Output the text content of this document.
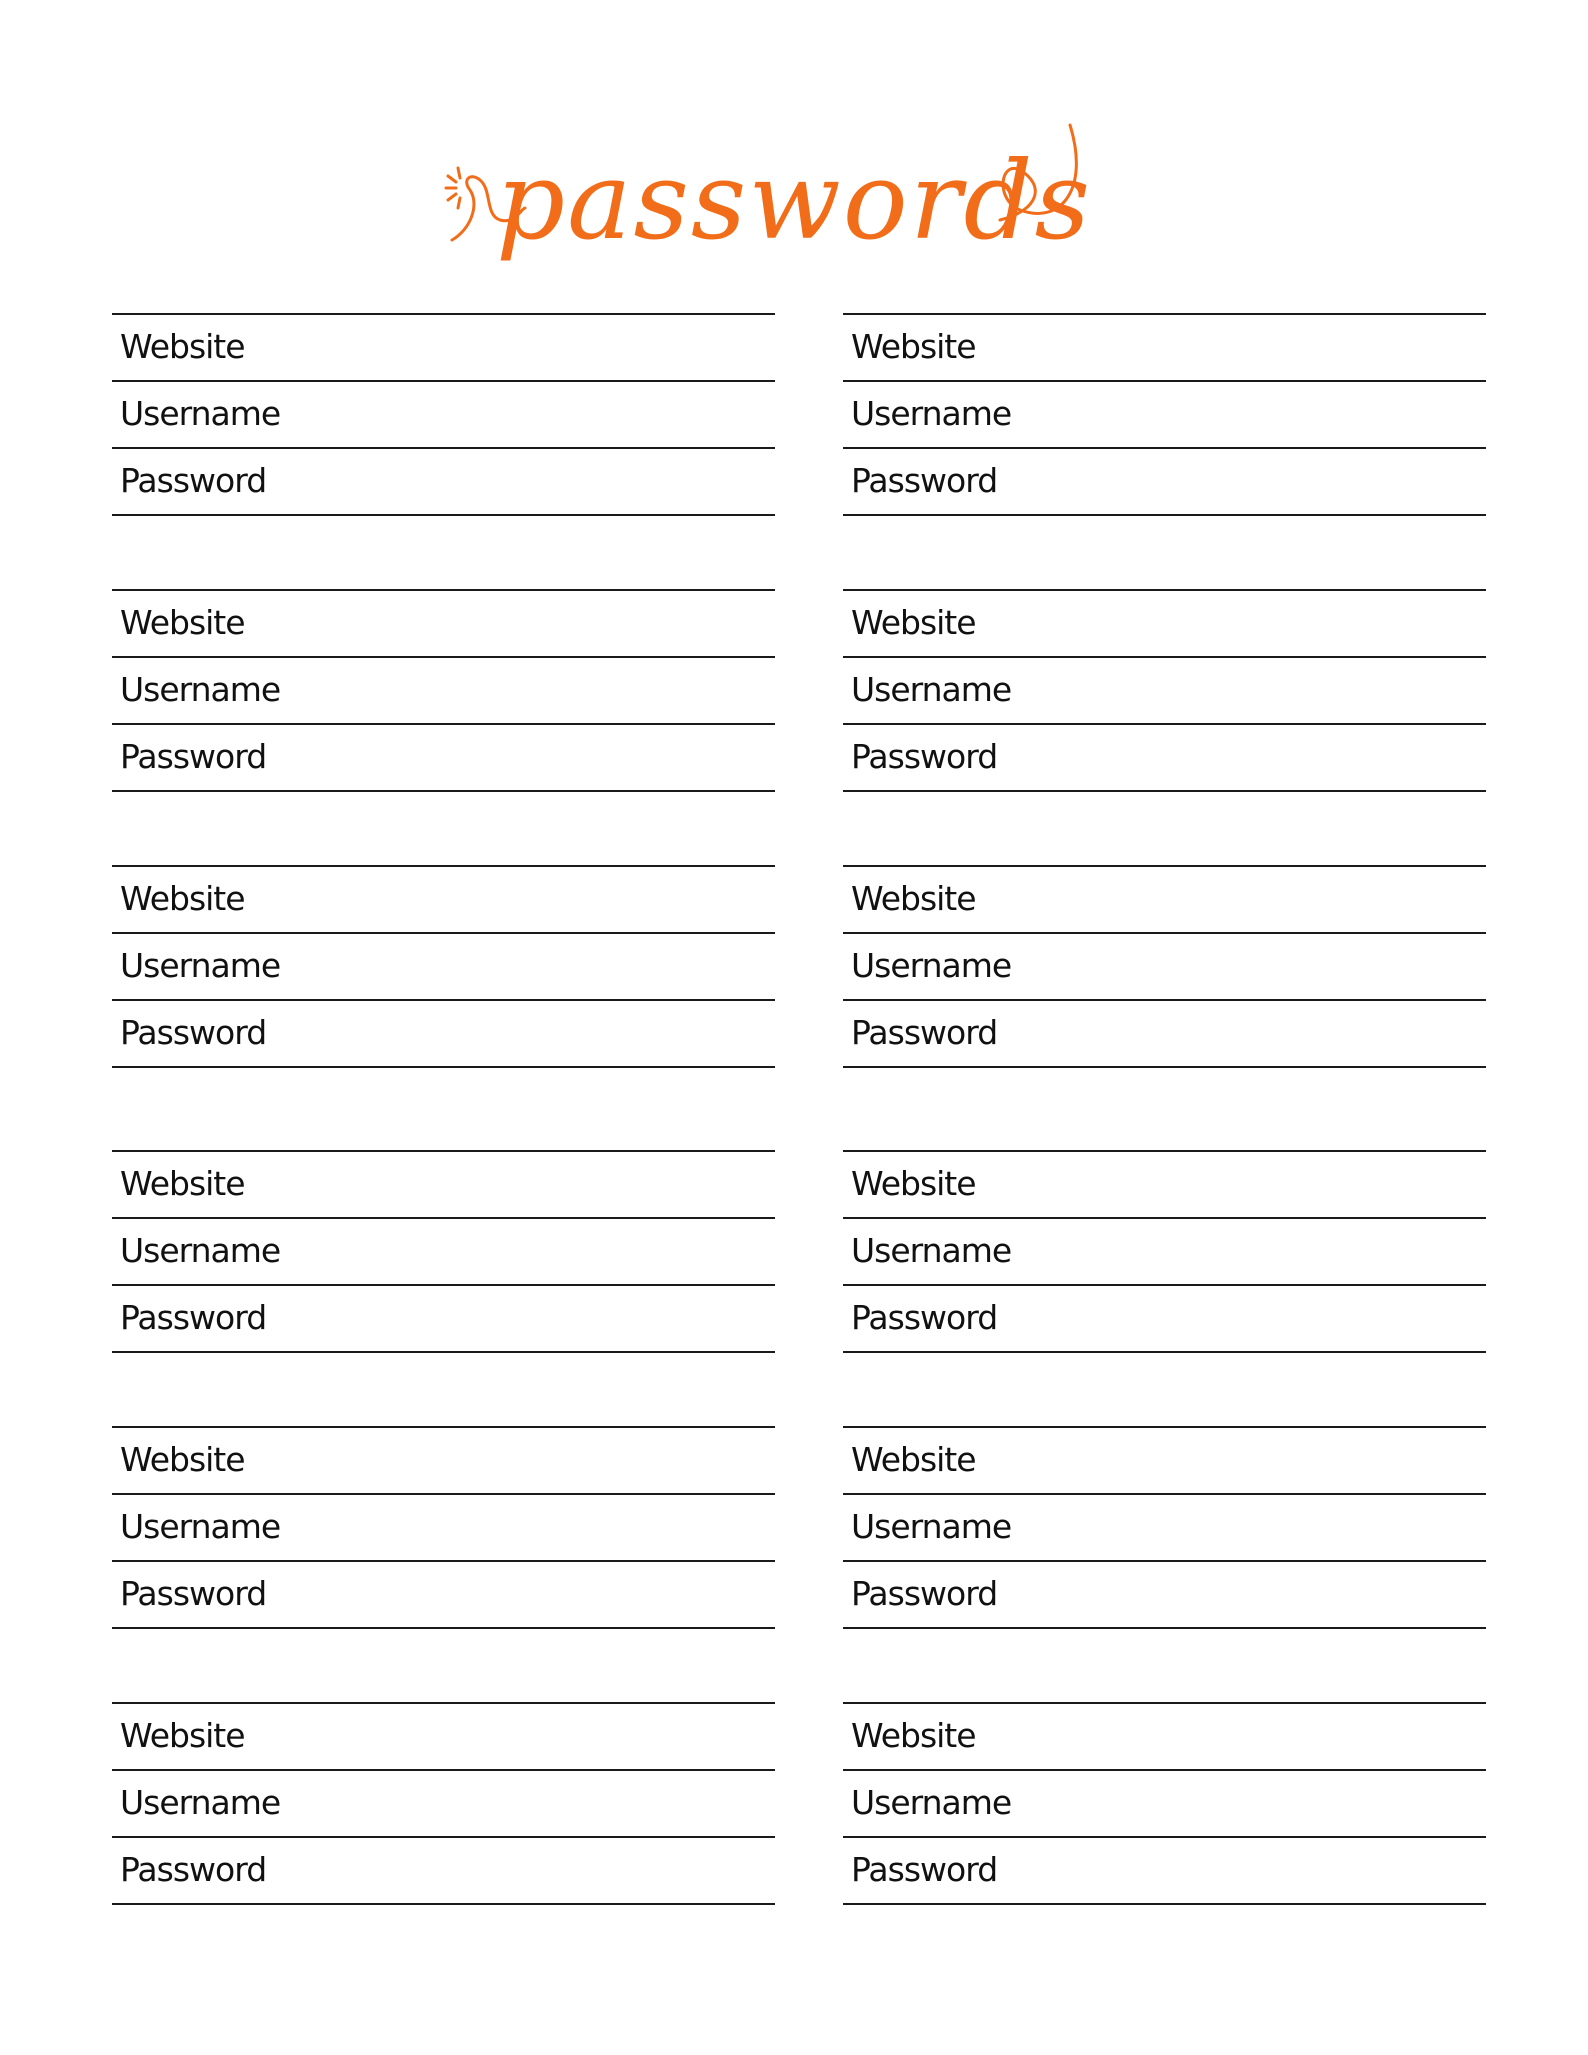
passwords
Website
Username
Password
Website
Username
Password
Website
Username
Password
Website
Username
Password
Website
Username
Password
Website
Username
Password
Website
Username
Password
Website
Username
Password
Website
Username
Password
Website
Username
Password
Website
Username
Password
Website
Username
Password
